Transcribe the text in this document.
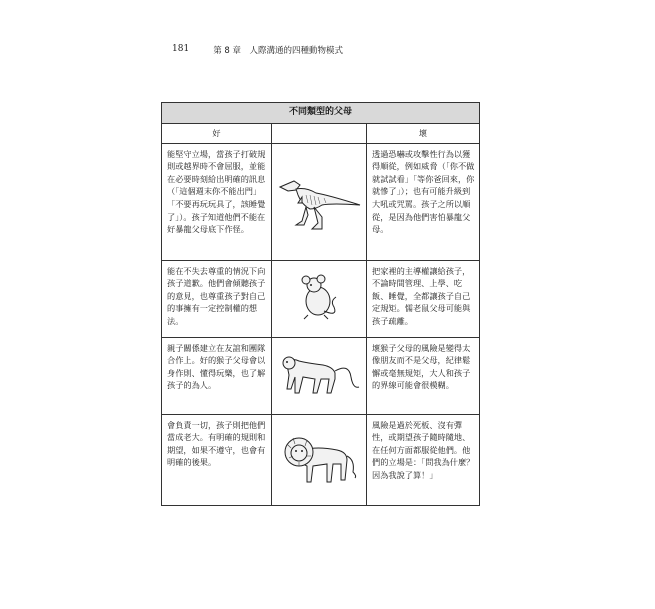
181	第 8 章　人際溝通的四種動物模式
不同類型的父母		
好		壞
能堅守立場，當孩子打破規則或越界時不會屈服，並能在必要時刻給出明確的訊息（「這個週末你不能出門」「不要再玩玩具了，該睡覺了」）。孩子知道他們不能在好暴龍父母底下作怪。		透過恐嚇或攻擊性行為以獲得順從，例如威脅（「你不做就試試看」「等你爸回來，你就慘了」）；也有可能升級到大吼或咒罵。孩子之所以順從，是因為他們害怕暴龍父母。
能在不失去尊重的情況下向孩子道歉。他們會傾聽孩子的意見，也尊重孩子對自己的事擁有一定控制權的想法。		把家裡的主導權讓給孩子，不論時間管理、上學、吃飯、睡覺，全都讓孩子自己定規矩。懦老鼠父母可能與孩子疏離。
親子關係建立在友誼和團隊合作上。好的猴子父母會以身作則、懂得玩樂，也了解孩子的為人。		壞猴子父母的風險是變得太像朋友而不是父母，紀律鬆懈或毫無規矩，大人和孩子的界線可能會很模糊。
會負責一切，孩子則把他們當成老大。有明確的規則和期望，如果不遵守，也會有明確的後果。		風險是過於死板、沒有彈性，或期望孩子隨時隨地、在任何方面都服從他們。他們的立場是：「問我為什麼？因為我說了算！」
